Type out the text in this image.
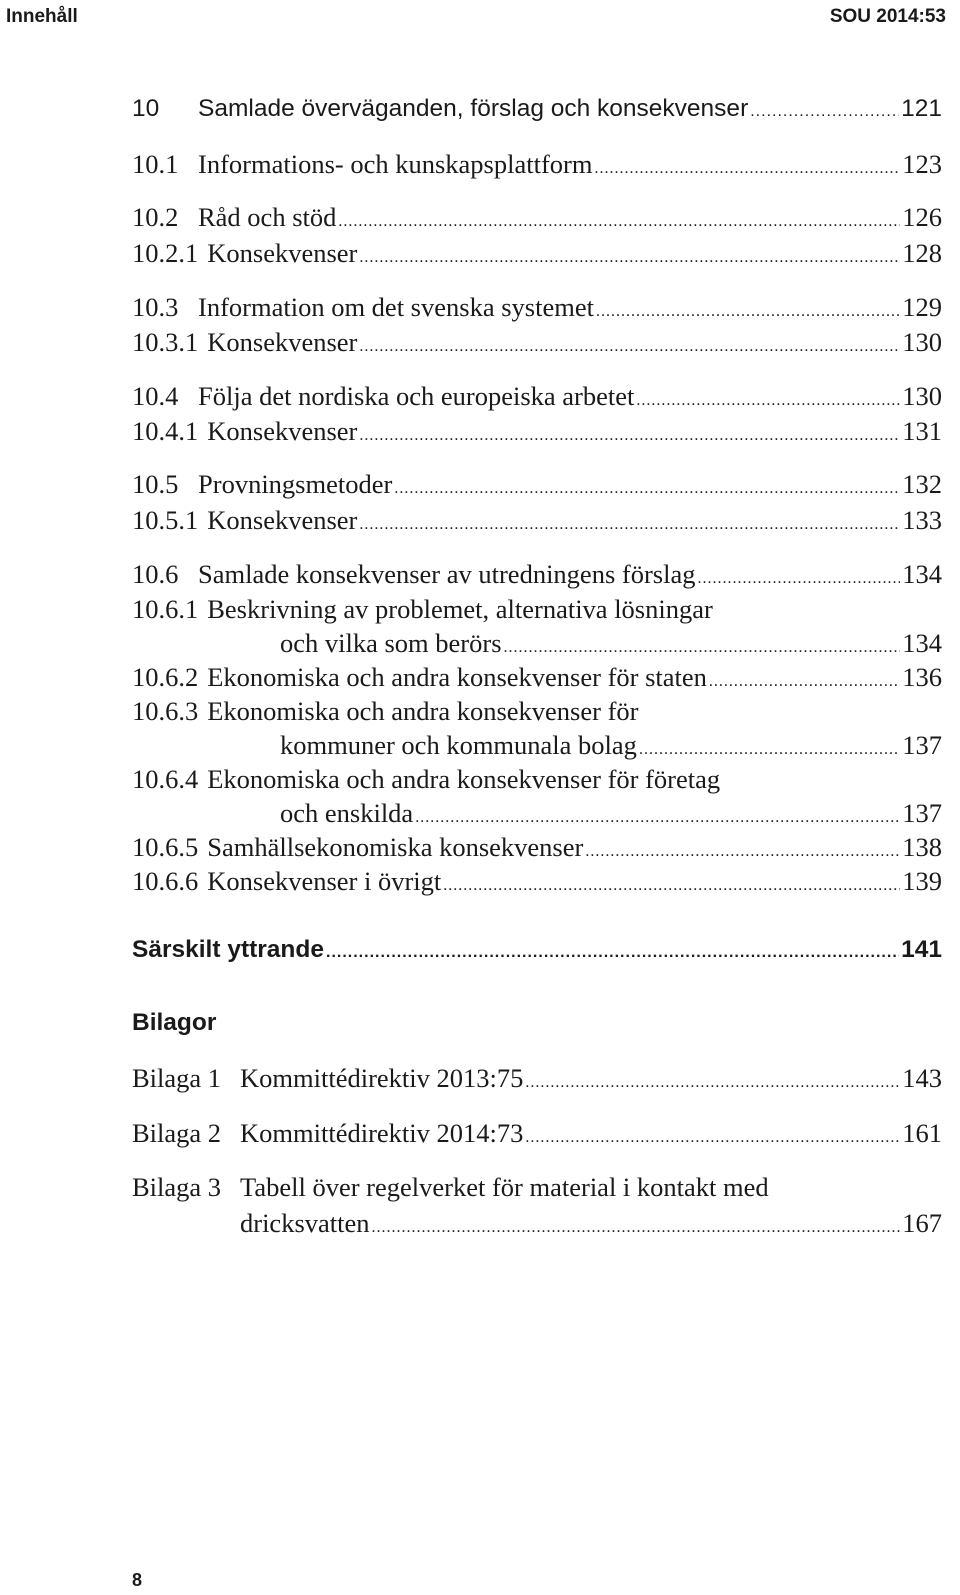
Innehåll	SOU 2014:53
10	Samlade överväganden, förslag och konsekvenser .....	121
10.1 Informations- och kunskapsplattform .....	123
10.2 Råd och stöd .....	126
10.2.1 Konsekvenser .....	128
10.3 Information om det svenska systemet .....	129
10.3.1 Konsekvenser .....	130
10.4 Följa det nordiska och europeiska arbetet .....	130
10.4.1 Konsekvenser .....	131
10.5 Provningsmetoder .....	132
10.5.1 Konsekvenser .....	133
10.6 Samlade konsekvenser av utredningens förslag .....	134
10.6.1 Beskrivning av problemet, alternativa lösningar
och vilka som berörs .....	134
10.6.2 Ekonomiska och andra konsekvenser för staten .....	136
10.6.3 Ekonomiska och andra konsekvenser för
kommuner och kommunala bolag .....	137
10.6.4 Ekonomiska och andra konsekvenser för företag
och enskilda .....	137
10.6.5 Samhällsekonomiska konsekvenser .....	138
10.6.6 Konsekvenser i övrigt .....	139
Särskilt yttrande .....	141
Bilagor
Bilaga 1 Kommittédirektiv 2013:75 .....	143
Bilaga 2 Kommittédirektiv 2014:73 .....	161
Bilaga 3 Tabell över regelverket för material i kontakt med
dricksvatten .....	167
8
